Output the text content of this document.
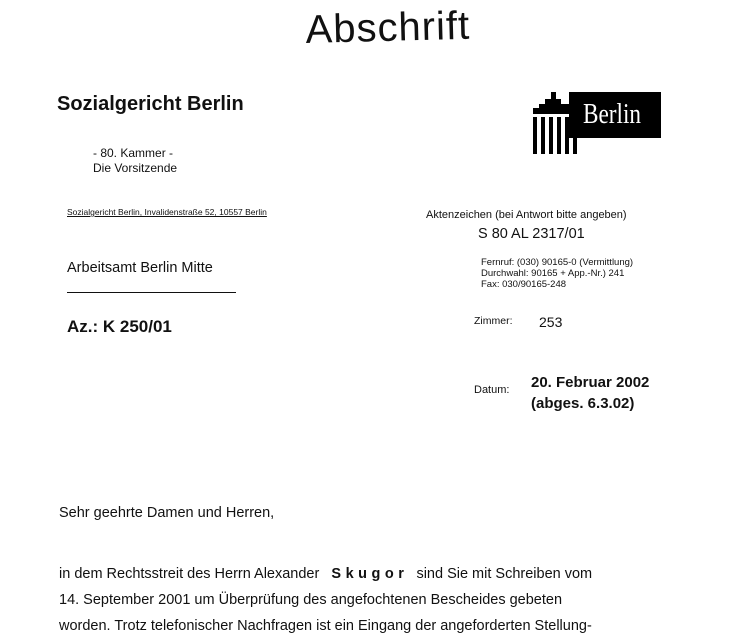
Abschrift
Sozialgericht Berlin
- 80. Kammer -
Die Vorsitzende
Berlin
Sozialgericht Berlin, Invalidenstraße 52, 10557 Berlin
Arbeitsamt Berlin Mitte
Az.: K 250/01
Aktenzeichen (bei Antwort bitte angeben)
S 80 AL 2317/01
Fernruf: (030) 90165-0 (Vermittlung)
Durchwahl: 90165 + App.-Nr.) 241
Fax: 030/90165-248
Zimmer: 253
Datum: 20. Februar 2002
(abges. 6.3.02)
Sehr geehrte Damen und Herren,
in dem Rechtsstreit des Herrn Alexander Skugor sind Sie mit Schreiben vom
14. September 2001 um Überprüfung des angefochtenen Bescheides gebeten
worden. Trotz telefonischer Nachfragen ist ein Eingang der angeforderten Stellung-
